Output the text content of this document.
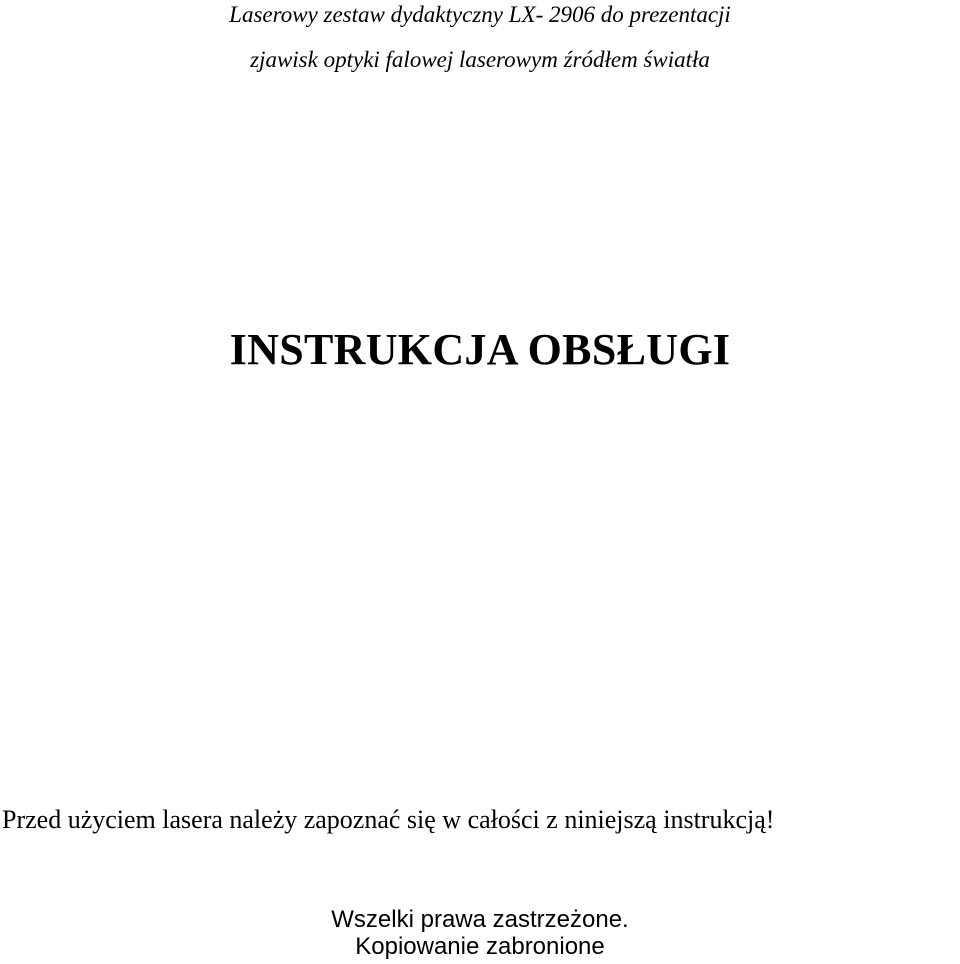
Laserowy zestaw dydaktyczny LX- 2906 do prezentacji
zjawisk optyki falowej laserowym źródłem światła
INSTRUKCJA OBSŁUGI
Przed użyciem lasera należy zapoznać się w całości z niniejszą instrukcją!
Wszelki prawa zastrzeżone.
Kopiowanie zabronione
